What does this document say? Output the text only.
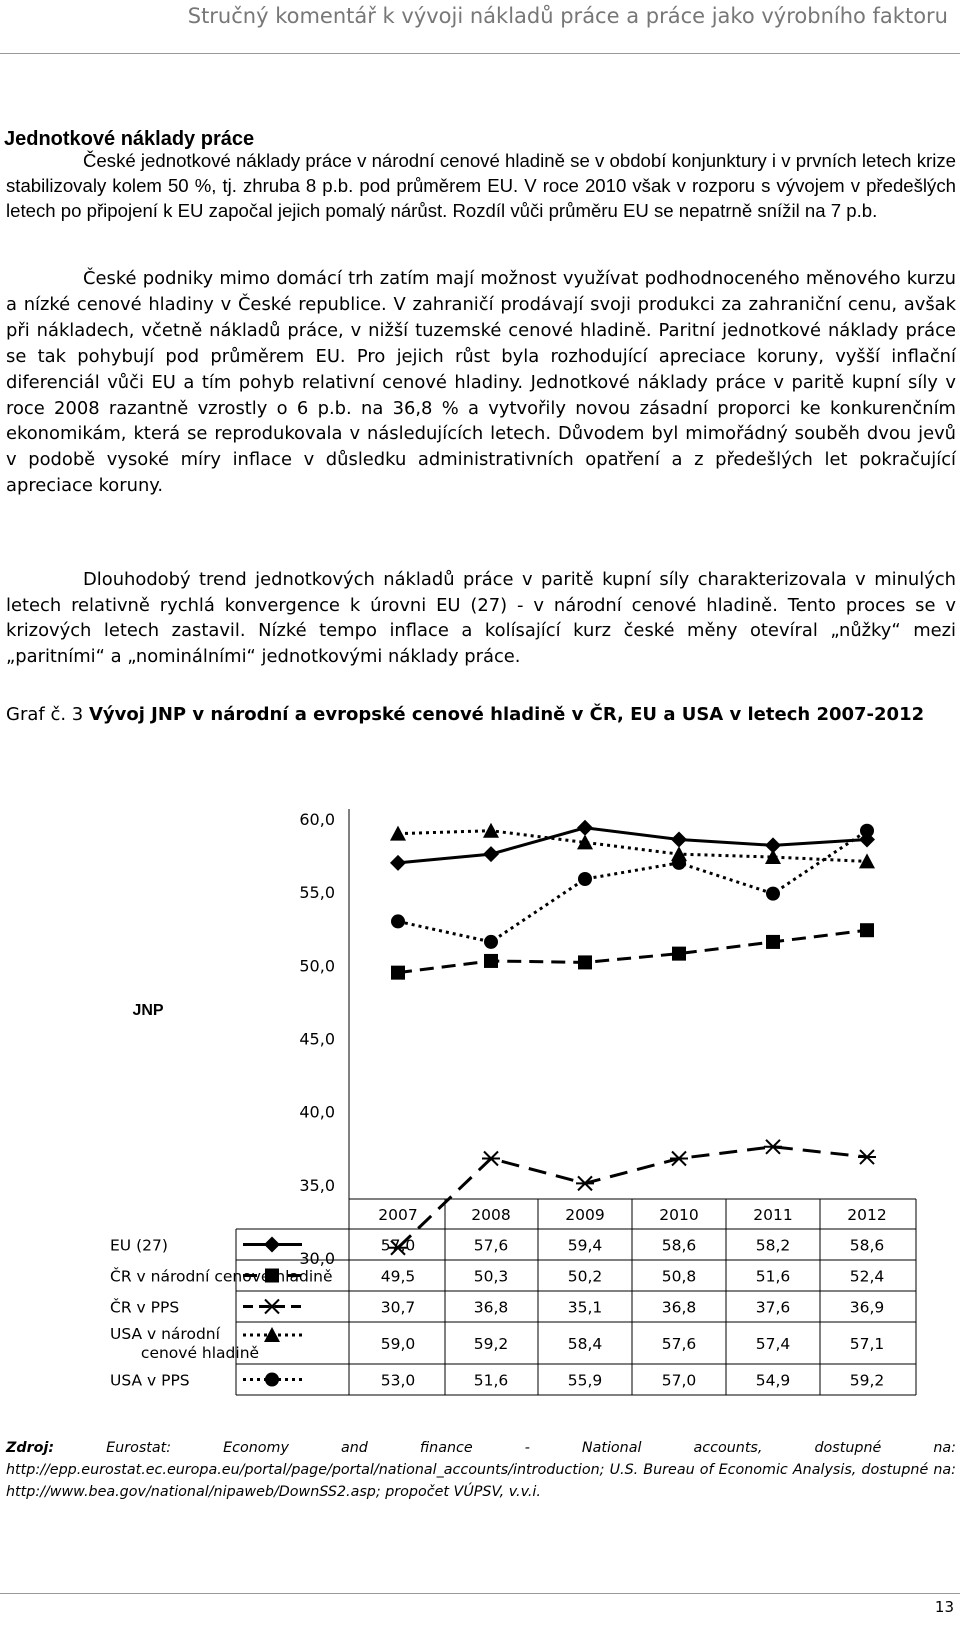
Stručný komentář k vývoji nákladů práce a práce jako výrobního faktoru
Jednotkové náklady práce

České jednotkové náklady práce v národní cenové hladině se v období konjunktury i v prvních letech krize stabilizovaly kolem 50 %, tj. zhruba 8 p.b. pod průměrem EU. V roce 2010 však v rozporu s vývojem v předešlých letech po připojení k EU započal jejich pomalý nárůst. Rozdíl vůči průměru EU se nepatrně snížil na 7 p.b.

České podniky mimo domácí trh zatím mají možnost využívat podhodnoceného měnového kurzu a nízké cenové hladiny v České republice. V zahraničí prodávají svoji produkci za zahraniční cenu, avšak při nákladech, včetně nákladů práce, v nižší tuzemské cenové hladině. Paritní jednotkové náklady práce se tak pohybují pod průměrem EU. Pro jejich růst byla rozhodující apreciace koruny, vyšší inflační diferenciál vůči EU a tím pohyb relativní cenové hladiny. Jednotkové náklady práce v paritě kupní síly v roce 2008 razantně vzrostly o 6 p.b. na 36,8 % a vytvořily novou zásadní proporci ke konkurenčním ekonomikám, která se reprodukovala v následujících letech. Důvodem byl mimořádný souběh dvou jevů v podobě vysoké míry inflace v důsledku administrativních opatření a z předešlých let pokračující apreciace koruny.

Dlouhodobý trend jednotkových nákladů práce v paritě kupní síly charakterizovala v minulých letech relativně rychlá konvergence k úrovni EU (27) - v národní cenové hladině. Tento proces se v krizových letech zastavil. Nízké tempo inflace a kolísající kurz české měny otevíral „nůžky“ mezi „paritními“ a „nominálními“ jednotkovými náklady práce.

Graf č. 3 Vývoj JNP v národní a evropské cenové hladině v ČR, EU a USA v letech 2007-2012
60,0
55,0
50,0
45,0
40,0
35,0
30,0
JNP
2007	2008	2009	2010	2011	2012
EU (27)	57,0	57,6	59,4	58,6	58,2	58,6
ČR v národní cenové hladině	49,5	50,3	50,2	50,8	51,6	52,4
ČR v PPS	30,7	36,8	35,1	36,8	37,6	36,9
USA v národní
cenové hladině	59,0	59,2	58,4	57,6	57,4	57,1
USA v PPS	53,0	51,6	55,9	57,0	54,9	59,2
Zdroj:	Eurostat: Economy and finance - National accounts, dostupné na: http://epp.eurostat.ec.europa.eu/portal/page/portal/national_accounts/introduction; U.S. Bureau of Economic Analysis, dostupné na: http://www.bea.gov/national/nipaweb/DownSS2.asp; propočet VÚPSV, v.v.i.
13
